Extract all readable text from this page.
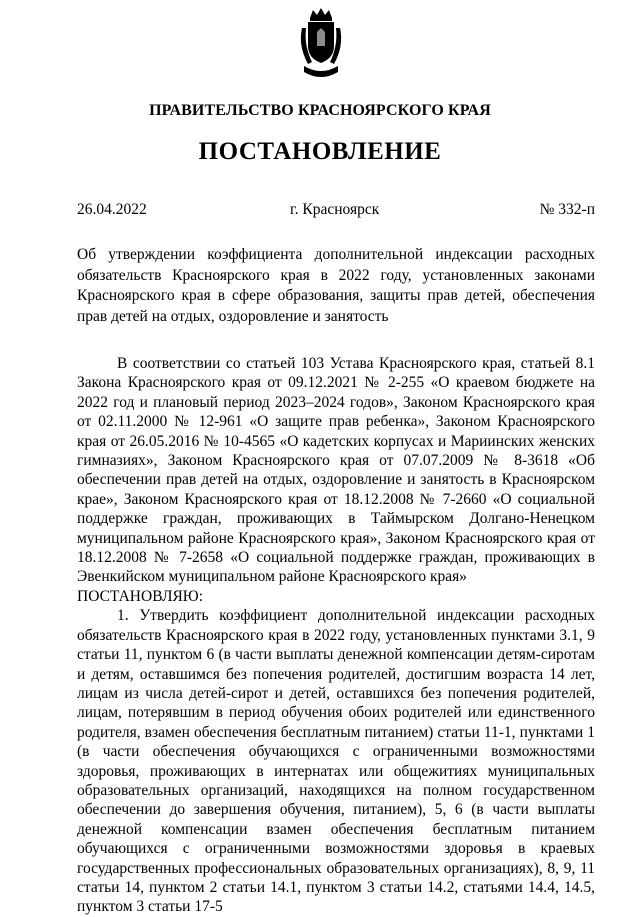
ПРАВИТЕЛЬСТВО КРАСНОЯРСКОГО КРАЯ
ПОСТАНОВЛЕНИЕ
26.04.2022	г. Красноярск	№ 332-п
Об утверждении коэффициента дополнительной индексации расходных обязательств Красноярского края в 2022 году, установленных законами Красноярского края в сфере образования, защиты прав детей, обеспечения прав детей на отдых, оздоровление и занятость

В соответствии со статьей 103 Устава Красноярского края, статьей 8.1 Закона Красноярского края от 09.12.2021 № 2-255 «О краевом бюджете на 2022 год и плановый период 2023–2024 годов», Законом Красноярского края от 02.11.2000 № 12-961 «О защите прав ребенка», Законом Красноярского края от 26.05.2016 № 10-4565 «О кадетских корпусах и Мариинских женских гимназиях», Законом Красноярского края от 07.07.2009 № 8-3618 «Об обеспечении прав детей на отдых, оздоровление и занятость в Красноярском крае», Законом Красноярского края от 18.12.2008 № 7-2660 «О социальной поддержке граждан, проживающих в Таймырском Долгано-Ненецком муниципальном районе Красноярского края», Законом Красноярского края от 18.12.2008 № 7-2658 «О социальной поддержке граждан, проживающих в Эвенкийском муниципальном районе Красноярского края»

ПОСТАНОВЛЯЮ:

1. Утвердить коэффициент дополнительной индексации расходных обязательств Красноярского края в 2022 году, установленных пунктами 3.1, 9 статьи 11, пунктом 6 (в части выплаты денежной компенсации детям-сиротам и детям, оставшимся без попечения родителей, достигшим возраста 14 лет, лицам из числа детей-сирот и детей, оставшихся без попечения родителей, лицам, потерявшим в период обучения обоих родителей или единственного родителя, взамен обеспечения бесплатным питанием) статьи 11-1, пунктами 1 (в части обеспечения обучающихся с ограниченными возможностями здоровья, проживающих в интернатах или общежитиях муниципальных образовательных организаций, находящихся на полном государственном обеспечении до завершения обучения, питанием), 5, 6 (в части выплаты денежной компенсации взамен обеспечения бесплатным питанием обучающихся с ограниченными возможностями здоровья в краевых государственных профессиональных образовательных организациях), 8, 9, 11 статьи 14, пунктом 2 статьи 14.1, пунктом 3 статьи 14.2, статьями 14.4, 14.5, пунктом 3 статьи 17-5
